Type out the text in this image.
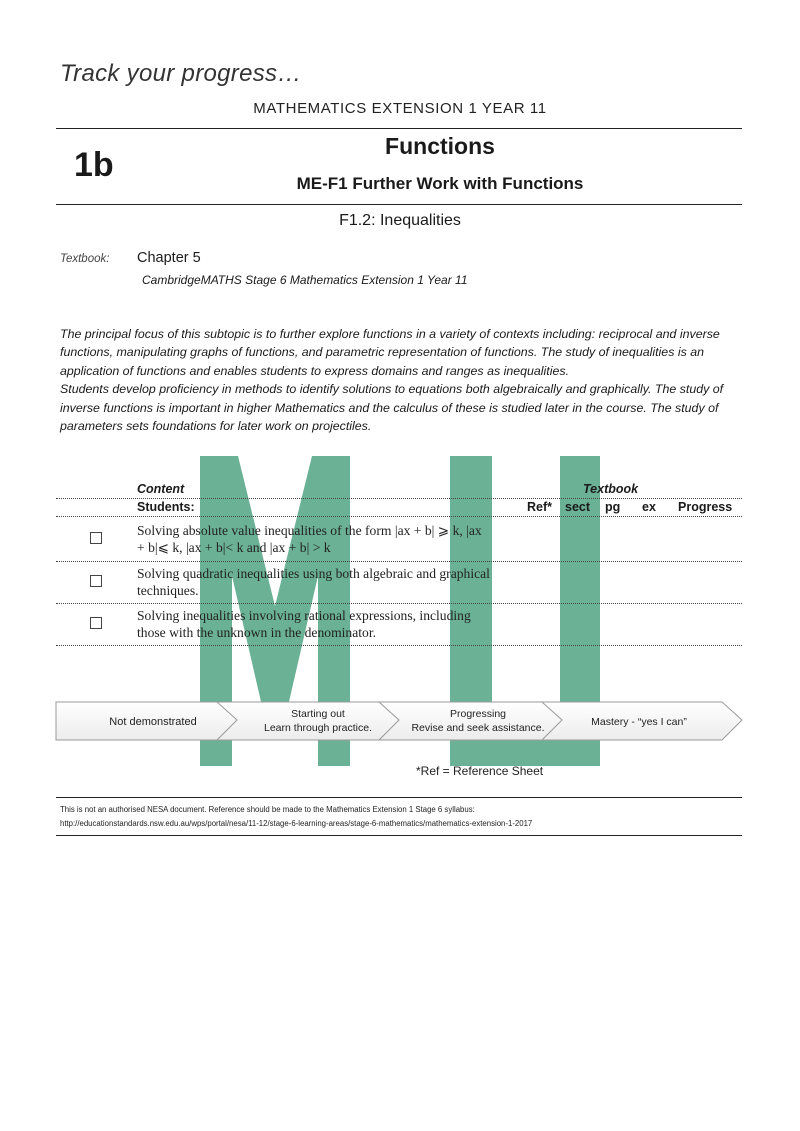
Track your progress…
MATHEMATICS EXTENSION 1 YEAR 11
1b	Functions
ME-F1 Further Work with Functions
F1.2: Inequalities
Textbook: Chapter 5
CambridgeMATHS Stage 6 Mathematics Extension 1 Year 11

The principal focus of this subtopic is to further explore functions in a variety of contexts including: reciprocal and inverse functions, manipulating graphs of functions, and parametric representation of functions. The study of inequalities is an application of functions and enables students to express domains and ranges as inequalities.

Students develop proficiency in methods to identify solutions to equations both algebraically and graphically. The study of inverse functions is important in higher Mathematics and the calculus of these is studied later in the course. The study of parameters sets foundations for later work on projectiles.

Content	Textbook
Students:	Ref* sect pg ex Progress
Solving absolute value inequalities of the form |ax + b| ⩾ k, |ax
+ b|⩽ k, |ax + b|< k and |ax + b| > k
Solving quadratic inequalities using both algebraic and graphical
techniques.
Solving inequalities involving rational expressions, including
those with the unknown in the denominator.
Not demonstrated
Starting out
Learn through practice.
Progressing
Revise and seek assistance.	Mastery - “yes I can”
*Ref = Reference Sheet
This is not an authorised NESA document. Reference should be made to the Mathematics Extension 1 Stage 6 syllabus:
http://educationstandards.nsw.edu.au/wps/portal/nesa/11-12/stage-6-learning-areas/stage-6-mathematics/mathematics-extension-1-2017
